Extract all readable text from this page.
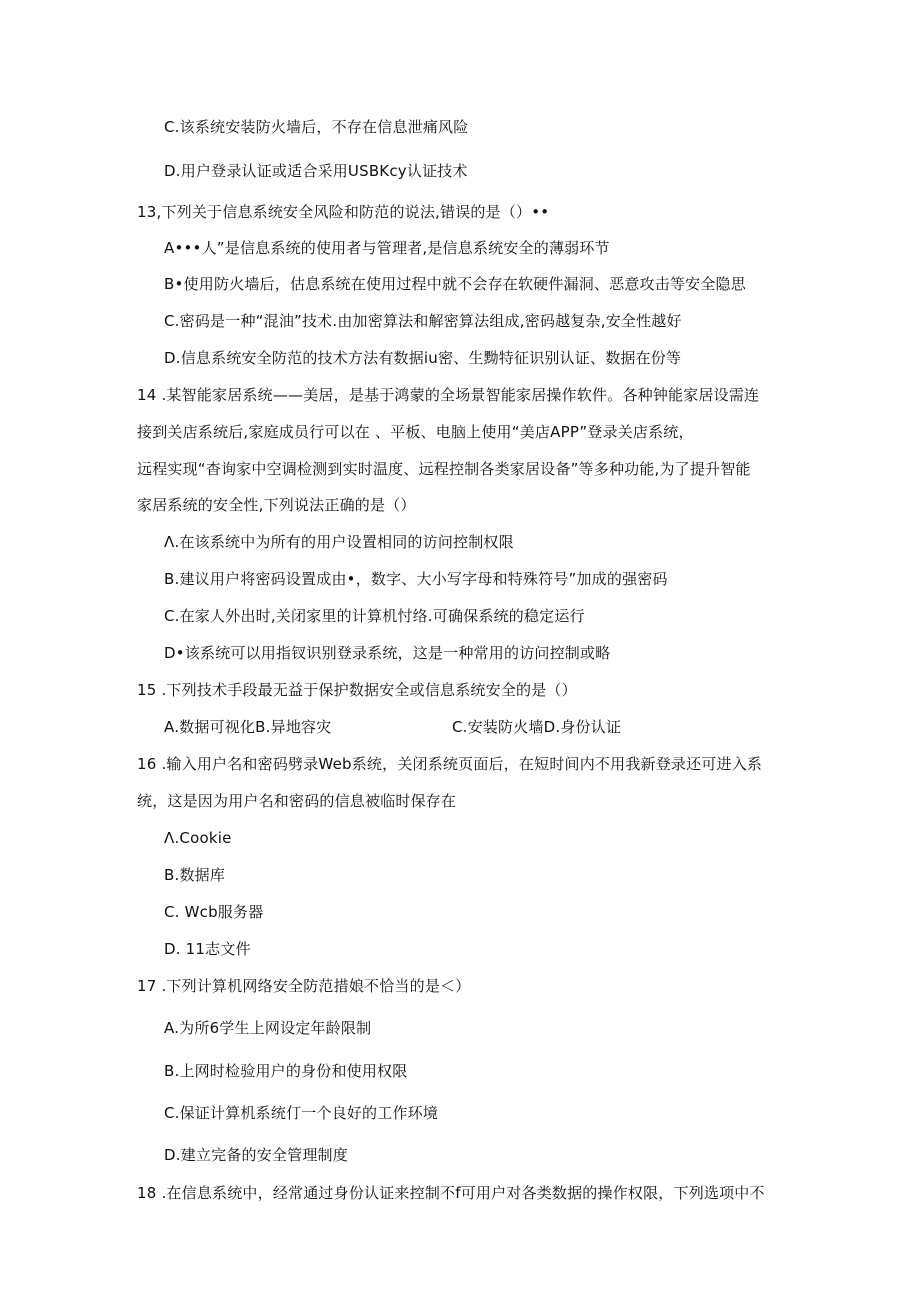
C.该系统安装防火墙后，不存在信息泄痛风险
D.用户登录认证或适合采用USBKcy认证技术
13,下列关于信息系统安全风险和防范的说法,错误的是（）••
A•••人”是信息系统的使用者与管理者,是信息系统安全的薄弱环节
B•使用防火墙后，估息系统在使用过程中就不会存在软硬件漏洞、恶意攻击等安全隐思
C.密码是一种“混油”技术.由加密算法和解密算法组成,密码越复杂,安全性越好
D.信息系统安全防范的技术方法有数据iu密、生黝特征识别认证、数据在份等
14 .某智能家居系统——美居，是基于鸿蒙的全场景智能家居操作软件。各种钟能家居设需连
接到关店系统后,家庭成员行可以在 、平板、电脑上使用“美店APP”登录关店系统，
远程实现“杳询家中空调检测到实时温度、远程控制各类家居设备”等多种功能,为了提升智能
家居系统的安全性,下列说法正确的是（）
Λ.在该系统中为所有的用户设置相同的访问控制权限
B.建议用户将密码设置成由•，数字、大小写字母和特殊符号”加成的强密码
C.在家人外出时,关闭家里的计算机忖络.可确保系统的稳定运行
D•该系统可以用指钗识别登录系统，这是一种常用的访问控制或略
15 .下列技术手段最无益于保护数据安全或信息系统安全的是（）
A.数据可视化B.异地容灾	C.安装防火墙D.身份认证
16 .输入用户名和密码劈录Web系统，关闭系统页面后，在短时间内不用我新登录还可进入系
统，这是因为用户名和密码的信息被临时保存在
Λ.Cookie
B.数据库
C. Wcb服务器
D. 11志文件
17 .下列计算机网络安全防范措娘不恰当的是＜）
A.为所6学生上网设定年龄限制
B.上网时检验用户的身份和使用权限
C.保证计算机系统仃一个良好的工作环境
D.建立完备的安全管理制度
18 .在信息系统中，经常通过身份认证来控制不f可用户对各类数据的操作权限，下列选项中不
